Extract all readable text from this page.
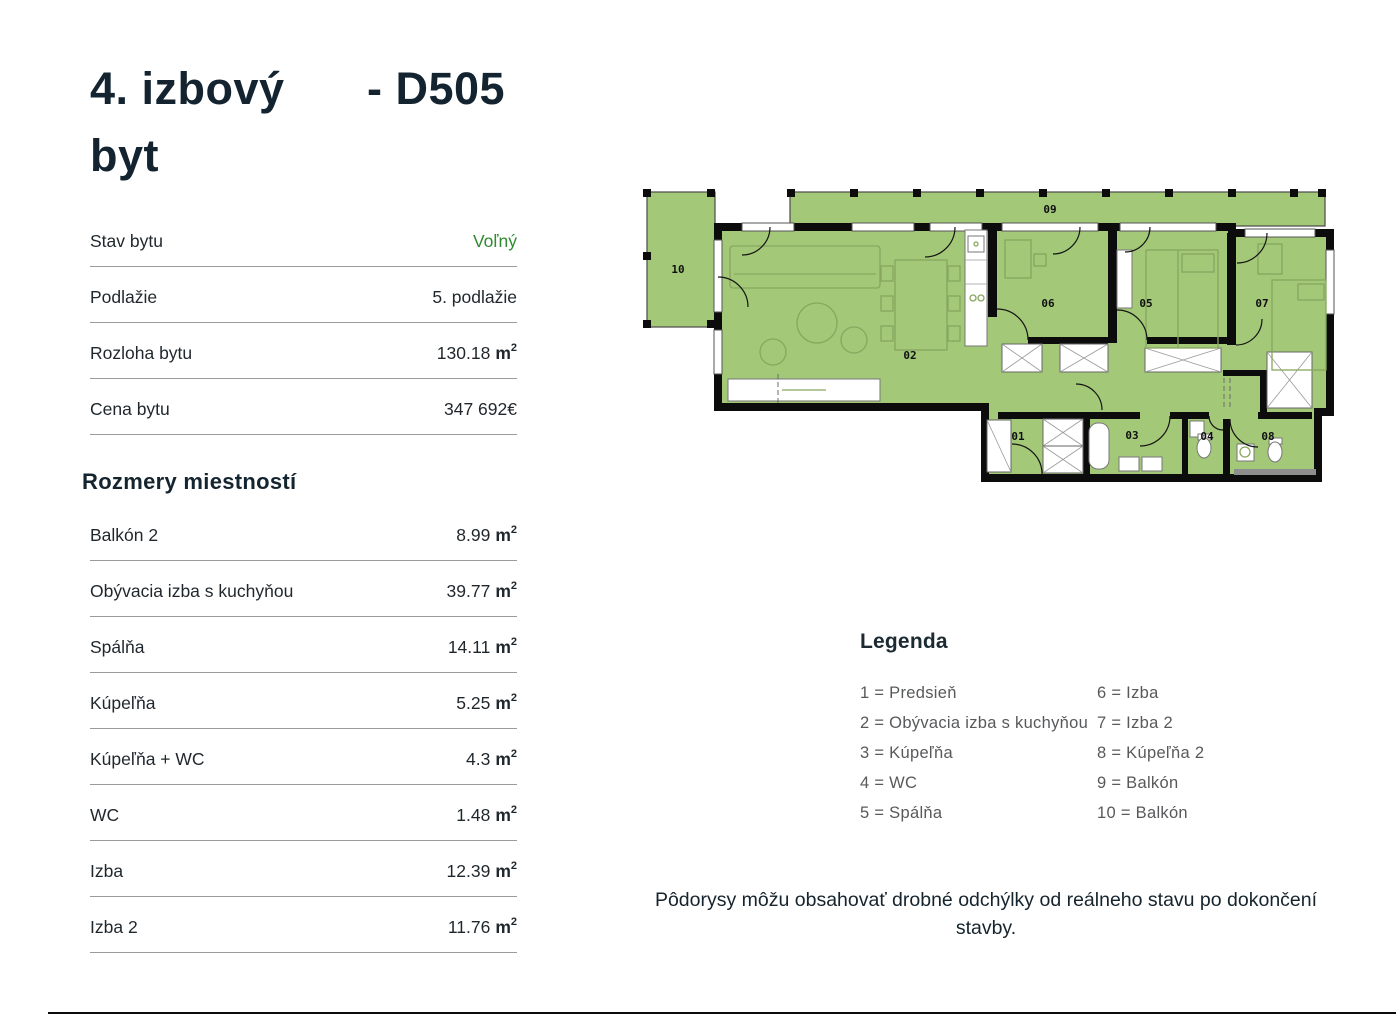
4. izbový byt
- D505
Stav bytu	Voľný
Podlažie	5. podlažie
Rozloha bytu	130.18 $m^2$
Cena bytu	347 692€
Rozmery miestností
Balkón 2	8.99 $m^2$
Obývacia izba s kuchyňou	39.77 $m^2$
Spálňa	14.11 $m^2$
Kúpeľňa	5.25 $m^2$
Kúpeľňa + WC	4.3 $m^2$
WC	1.48 $m^2$
Izba	12.39 $m^2$
Izba 2	11.76 $m^2$
01
02
03	04
05
06	07
08
09
10
Legenda
1 = Predsieň
2 = Obývacia izba s kuchyňou
3 = Kúpeľňa
4 = WC
5 = Spálňa
6 = Izba
7 = Izba 2
8 = Kúpeľňa 2
9 = Balkón
10 = Balkón
Pôdorysy môžu obsahovať drobné odchýlky od reálneho stavu po dokončení stavby.
